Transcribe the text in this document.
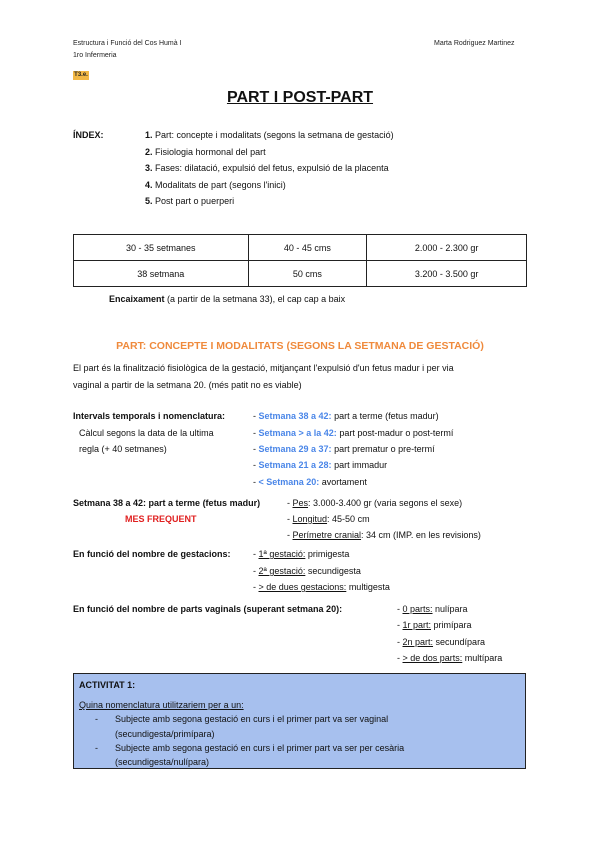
Estructura i Funció del Cos Humà I
1ro Infermeria
Marta Rodriguez Martinez
T3.e.
PART I POST-PART
ÍNDEX:	1. Part: concepte i modalitats (segons la setmana de gestació)
2. Fisiologia hormonal del part
3. Fases: dilatació, expulsió del fetus, expulsió de la placenta
4. Modalitats de part (segons l'inici)
5. Post part o puerperi
30 - 35 setmanes	40 - 45 cms	2.000 - 2.300 gr
38 setmana	50 cms	3.200 - 3.500 gr
Encaixament (a partir de la setmana 33), el cap cap a baix
PART: CONCEPTE I MODALITATS (SEGONS LA SETMANA DE GESTACIÓ)
El part és la finalització fisiològica de la gestació, mitjançant l'expulsió d'un fetus madur i per via
vaginal a partir de la setmana 20. (més patit no es viable)
Intervals temporals i nomenclatura:
Càlcul segons la data de la ultima
regla (+ 40 setmanes)
- Setmana 38 a 42: part a terme (fetus madur)
- Setmana > a la 42: part post-madur o post-termí
- Setmana 29 a 37: part prematur o pre-termí
- Setmana 21 a 28: part immadur
- < Setmana 20: avortament
Setmana 38 a 42: part a terme (fetus madur)
MES FREQUENT
- Pes: 3.000-3.400 gr (varia segons el sexe)
- Longitud: 45-50 cm
- Perímetre cranial: 34 cm (IMP. en les revisions)
En funció del nombre de gestacions: - 1ª gestació: primigesta
- 2ª gestació: secundigesta
- > de dues gestacions: multigesta
En funció del nombre de parts vaginals (superant setmana 20):	- 0 parts: nulípara
- 1r part: primípara
- 2n part: secundípara
- > de dos parts: multípara
ACTIVITAT 1:
Quina nomenclatura utilitzariem per a un:
- Subjecte amb segona gestació en curs i el primer part va ser vaginal
(secundigesta/primípara)
- Subjecte amb segona gestació en curs i el primer part va ser per cesària
(secundigesta/nulípara)
